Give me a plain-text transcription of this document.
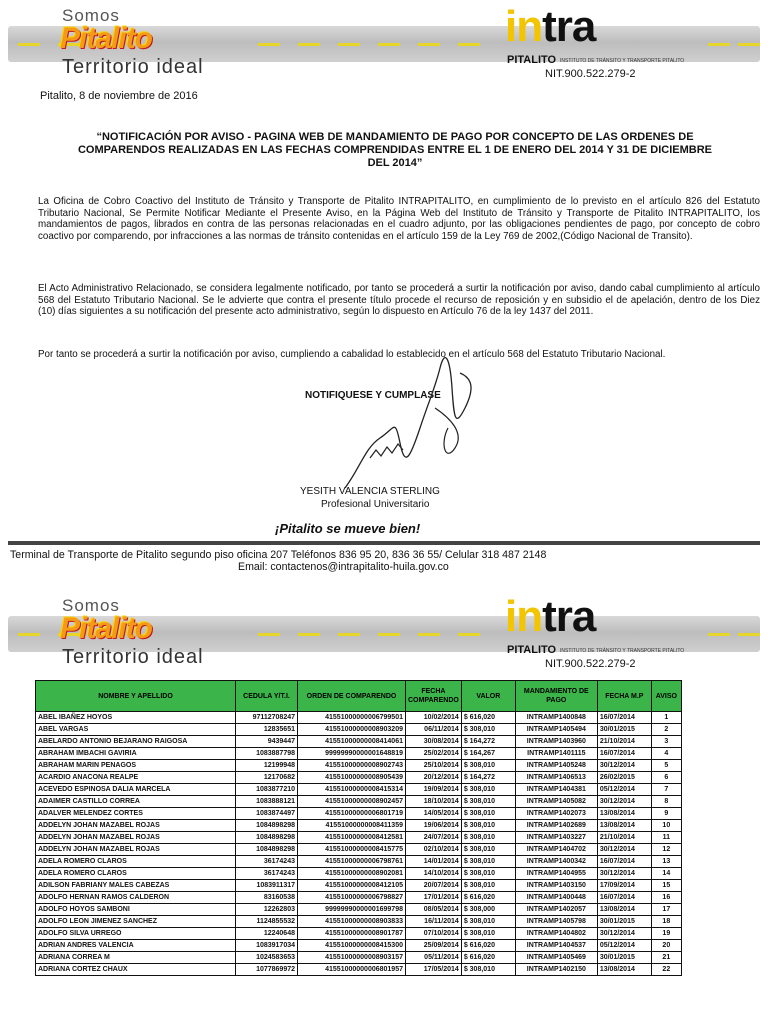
Somos
Pitalito
Territorio ideal
intra
PITALITO INSTITUTO DE TRÁNSITO Y TRANSPORTE PITALITO
NIT.900.522.279-2
Pitalito, 8 de noviembre de 2016
“NOTIFICACIÓN POR AVISO - PAGINA WEB DE MANDAMIENTO DE PAGO POR CONCEPTO DE LAS ORDENES DE COMPARENDOS REALIZADAS EN LAS FECHAS COMPRENDIDAS ENTRE EL 1 DE ENERO DEL 2014 Y 31 DE DICIEMBRE DEL 2014”
La Oficina de Cobro Coactivo del Instituto de Tránsito y Transporte de Pitalito INTRAPITALITO, en cumplimiento de lo previsto en el artículo 826 del Estatuto Tributario Nacional, Se Permite Notificar Mediante el Presente Aviso, en la Página Web del Instituto de Tránsito y Transporte de Pitalito INTRAPITALITO, los mandamientos de pagos, librados en contra de las personas relacionadas en el cuadro adjunto, por las obligaciones pendientes de pago, por concepto de cobro coactivo por comparendo, por infracciones a las normas de tránsito contenidas en el artículo 159 de la Ley 769 de 2002,(Código Nacional de Transito).
El Acto Administrativo Relacionado, se considera legalmente notificado, por tanto se procederá a surtir la notificación por aviso, dando cabal cumplimiento al artículo 568 del Estatuto Tributario Nacional. Se le advierte que contra el presente título procede el recurso de reposición y en subsidio el de apelación, dentro de los Diez (10) días siguientes a su notificación del presente acto administrativo, según lo dispuesto en Artículo 76 de la ley 1437 del 2011.
Por tanto se procederá a surtir la notificación por aviso, cumpliendo a cabalidad lo establecido en el artículo 568 del Estatuto Tributario Nacional.
NOTIFIQUESE Y CUMPLASE
YESITH VALENCIA STERLING
Profesional Universitario
¡Pitalito se mueve bien!
Terminal de Transporte de Pitalito segundo piso oficina 207 Teléfonos 836 95 20, 836 36 55/ Celular 318 487 2148
Email: contactenos@intrapitalito-huila.gov.co
Somos
Pitalito
Territorio ideal
intra
PITALITO INSTITUTO DE TRÁNSITO Y TRANSPORTE PITALITO
NIT.900.522.279-2
NOMBRE Y APELLIDO	CEDULA Y/T.I.	ORDEN DE COMPARENDO	FECHA COMPARENDO	VALOR	MANDAMIENTO DE PAGO	FECHA M.P	AVISO
ABEL IBAÑEZ HOYOS	97112708247	41551000000006799501	10/02/2014	$ 616,020	INTRAMP1400848	16/07/2014	1
ABEL VARGAS	12835651	41551000000008903209	06/11/2014	$ 308,010	INTRAMP1405494	30/01/2015	2
ABELARDO ANTONIO BEJARANO RAIGOSA	9439447	41551000000008414061	30/08/2014	$ 164,272	INTRAMP1403960	21/10/2014	3
ABRAHAM IMBACHI GAVIRIA	1083887798	99999990000001648819	25/02/2014	$ 164,267	INTRAMP1401115	16/07/2014	4
ABRAHAM MARIN PENAGOS	12199948	41551000000008902743	25/10/2014	$ 308,010	INTRAMP1405248	30/12/2014	5
ACARDIO ANACONA REALPE	12170682	41551000000008905439	20/12/2014	$ 164,272	INTRAMP1406513	26/02/2015	6
ACEVEDO ESPINOSA DALIA MARCELA	1083877210	41551000000008415314	19/09/2014	$ 308,010	INTRAMP1404381	05/12/2014	7
ADAIMER CASTILLO CORREA	1083888121	41551000000008902457	18/10/2014	$ 308,010	INTRAMP1405082	30/12/2014	8
ADALVER MELENDEZ CORTES	1083874497	41551000000006801719	14/05/2014	$ 308,010	INTRAMP1402073	13/08/2014	9
ADDELYN JOHAN MAZABEL ROJAS	1084898298	41551000000008411359	19/06/2014	$ 308,010	INTRAMP1402689	13/08/2014	10
ADDELYN JOHAN MAZABEL ROJAS	1084898298	41551000000008412581	24/07/2014	$ 308,010	INTRAMP1403227	21/10/2014	11
ADDELYN JOHAN MAZABEL ROJAS	1084898298	41551000000008415775	02/10/2014	$ 308,010	INTRAMP1404702	30/12/2014	12
ADELA ROMERO CLAROS	36174243	41551000000006798761	14/01/2014	$ 308,010	INTRAMP1400342	16/07/2014	13
ADELA ROMERO CLAROS	36174243	41551000000008902081	14/10/2014	$ 308,010	INTRAMP1404955	30/12/2014	14
ADILSON FABRIANY MALES CABEZAS	1083911317	41551000000008412105	20/07/2014	$ 308,010	INTRAMP1403150	17/09/2014	15
ADOLFO HERNAN RAMOS CALDERON	83160538	41551000000006798827	17/01/2014	$ 616,020	INTRAMP1400448	16/07/2014	16
ADOLFO HOYOS SAMBONI	12262803	99999990000001699798	08/05/2014	$ 308,000	INTRAMP1402057	13/08/2014	17
ADOLFO LEON JIMENEZ SANCHEZ	1124855532	41551000000008903833	16/11/2014	$ 308,010	INTRAMP1405798	30/01/2015	18
ADOLFO SILVA URREGO	12240648	41551000000008901787	07/10/2014	$ 308,010	INTRAMP1404802	30/12/2014	19
ADRIAN ANDRES VALENCIA	1083917034	41551000000008415300	25/09/2014	$ 616,020	INTRAMP1404537	05/12/2014	20
ADRIANA CORREA M	1024583653	41551000000008903157	05/11/2014	$ 616,020	INTRAMP1405469	30/01/2015	21
ADRIANA CORTEZ CHAUX	1077869972	41551000000006801957	17/05/2014	$ 308,010	INTRAMP1402150	13/08/2014	22
